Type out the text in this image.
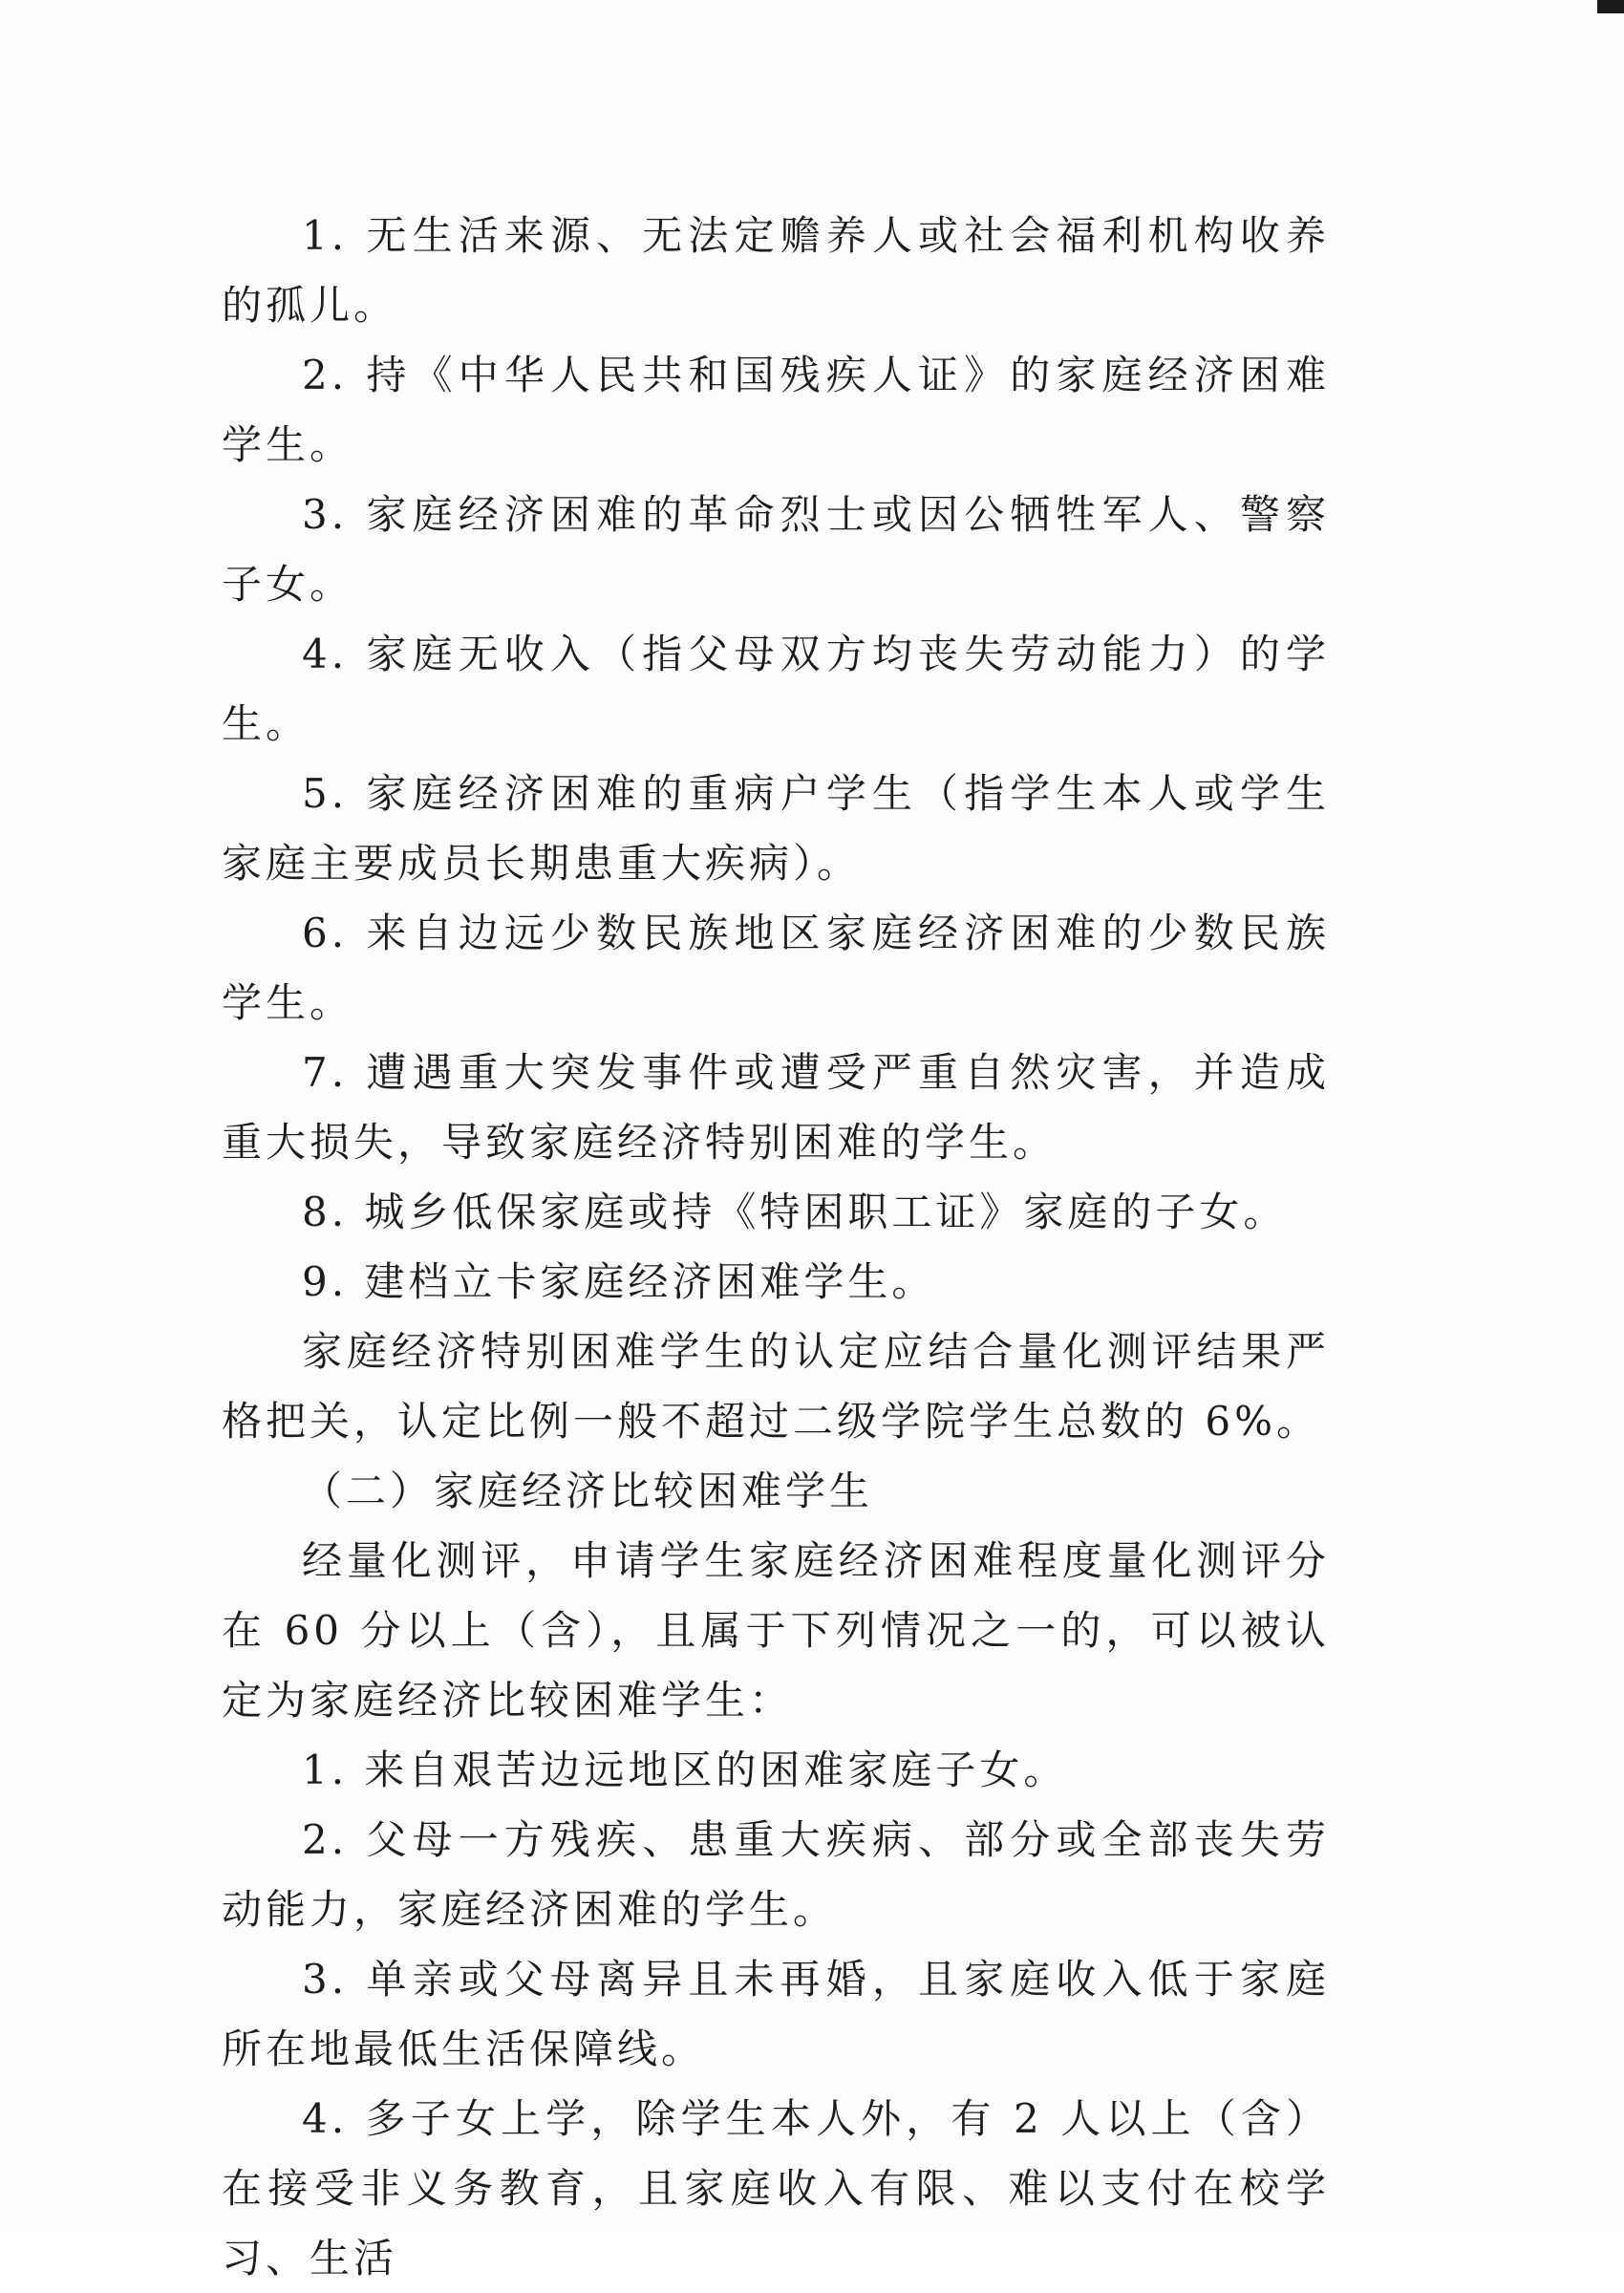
1. 无生活来源、无法定赡养人或社会福利机构收养的孤儿。

2. 持《中华人民共和国残疾人证》的家庭经济困难学生。

3. 家庭经济困难的革命烈士或因公牺牲军人、警察子女。

4. 家庭无收入（指父母双方均丧失劳动能力）的学生。

5. 家庭经济困难的重病户学生（指学生本人或学生家庭主要成员长期患重大疾病）。

6. 来自边远少数民族地区家庭经济困难的少数民族学生。

7. 遭遇重大突发事件或遭受严重自然灾害，并造成重大损失，导致家庭经济特别困难的学生。

8. 城乡低保家庭或持《特困职工证》家庭的子女。

9. 建档立卡家庭经济困难学生。

家庭经济特别困难学生的认定应结合量化测评结果严格把关，认定比例一般不超过二级学院学生总数的 6%。

（二）家庭经济比较困难学生

经量化测评，申请学生家庭经济困难程度量化测评分在 60 分以上（含），且属于下列情况之一的，可以被认定为家庭经济比较困难学生：

1. 来自艰苦边远地区的困难家庭子女。

2. 父母一方残疾、患重大疾病、部分或全部丧失劳动能力，家庭经济困难的学生。

3. 单亲或父母离异且未再婚，且家庭收入低于家庭所在地最低生活保障线。

4. 多子女上学，除学生本人外，有 2 人以上（含）在接受非义务教育，且家庭收入有限、难以支付在校学习、生活
